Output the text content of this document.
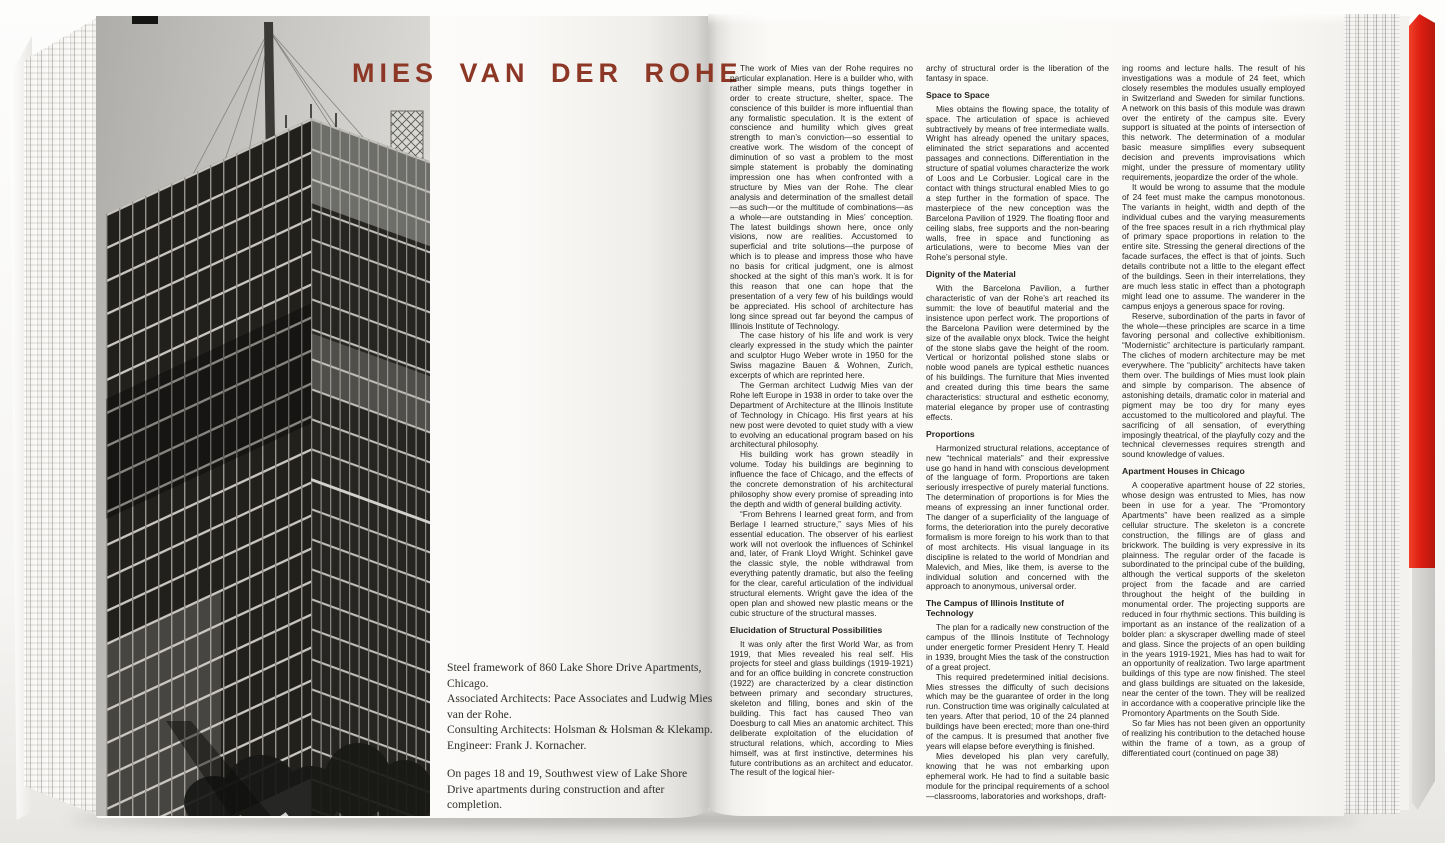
MIES VAN DER ROHE

Steel framework of 860 Lake Shore Drive Apartments, Chicago.

Associated Architects: Pace Associates and Ludwig Mies van der Rohe.

Consulting Architects: Holsman & Holsman & Klekamp.

Engineer: Frank J. Kornacher.

On pages 18 and 19, Southwest view of Lake Shore Drive apartments during construction and after completion.

The work of Mies van der Rohe requires no particular explanation. Here is a builder who, with rather simple means, puts things together in order to create structure, shelter, space. The conscience of this builder is more influential than any formalistic speculation. It is the extent of conscience and humility which gives great strength to man’s conviction—so essential to creative work. The wisdom of the concept of diminution of so vast a problem to the most simple statement is probably the dominating impression one has when confronted with a structure by Mies van der Rohe. The clear analysis and determination of the smallest detail—as such—or the multitude of combinations—as a whole—are outstanding in Mies’ conception. The latest buildings shown here, once only visions, now are realities. Accustomed to superficial and trite solutions—the purpose of which is to please and impress those who have no basis for critical judgment, one is almost shocked at the sight of this man’s work. It is for this reason that one can hope that the presentation of a very few of his buildings would be appreciated. His school of architecture has long since spread out far beyond the campus of Illinois Institute of Technology.
The case history of his life and work is very clearly expressed in the study which the painter and sculptor Hugo Weber wrote in 1950 for the Swiss magazine Bauen & Wohnen, Zurich, excerpts of which are reprinted here.
The German architect Ludwig Mies van der Rohe left Europe in 1938 in order to take over the Department of Architecture at the Illinois Institute of Technology in Chicago. His first years at his new post were devoted to quiet study with a view to evolving an educational program based on his architectural philosophy.
His building work has grown steadily in volume. Today his buildings are beginning to influence the face of Chicago, and the effects of the concrete demonstration of his architectural philosophy show every promise of spreading into the depth and width of general building activity.
“From Behrens I learned great form, and from Berlage I learned structure,” says Mies of his essential education. The observer of his earliest work will not overlook the influences of Schinkel and, later, of Frank Lloyd Wright. Schinkel gave the classic style, the noble withdrawal from everything patently dramatic, but also the feeling for the clear, careful articulation of the individual structural elements. Wright gave the idea of the open plan and showed new plastic means or the cubic structure of the structural masses.
Elucidation of Structural Possibilities
It was only after the first World War, as from 1919, that Mies revealed his real self. His projects for steel and glass buildings (1919-1921) and for an office building in concrete construction (1922) are characterized by a clear distinction between primary and secondary structures, skeleton and filling, bones and skin of the building. This fact has caused Theo van Doesburg to call Mies an anatomic architect. This deliberate exploitation of the elucidation of structural relations, which, according to Mies himself, was at first instinctive, determines his future contributions as an architect and educator. The result of the logical hier-
archy of structural order is the liberation of the fantasy in space.
Space to Space
Mies obtains the flowing space, the totality of space. The articulation of space is achieved subtractively by means of free intermediate walls. Wright has already opened the unitary spaces, eliminated the strict separations and accented passages and connections. Differentiation in the structure of spatial volumes characterize the work of Loos and Le Corbusier. Logical care in the contact with things structural enabled Mies to go a step further in the formation of space. The masterpiece of the new conception was the Barcelona Pavilion of 1929. The floating floor and ceiling slabs, free supports and the non-bearing walls, free in space and functioning as articulations, were to become Mies van der Rohe’s personal style.
Dignity of the Material
With the Barcelona Pavilion, a further characteristic of van der Rohe’s art reached its summit: the love of beautiful material and the insistence upon perfect work. The proportions of the Barcelona Pavilion were determined by the size of the available onyx block. Twice the height of the stone slabs gave the height of the room. Vertical or horizontal polished stone slabs or noble wood panels are typical esthetic nuances of his buildings. The furniture that Mies invented and created during this time bears the same characteristics: structural and esthetic economy, material elegance by proper use of contrasting effects.
Proportions
Harmonized structural relations, acceptance of new “technical materials” and their expressive use go hand in hand with conscious development of the language of form. Proportions are taken seriously irrespective of purely material functions. The determination of proportions is for Mies the means of expressing an inner functional order. The danger of a superficiality of the language of forms, the deterioration into the purely decorative formalism is more foreign to his work than to that of most architects. His visual language in its discipline is related to the world of Mondrian and Malevich, and Mies, like them, is averse to the individual solution and concerned with the approach to anonymous, universal order.
The Campus of Illinois Institute of Technology
The plan for a radically new construction of the campus of the Illinois Institute of Technology under energetic former President Henry T. Heald in 1939, brought Mies the task of the construction of a great project.
This required predetermined initial decisions. Mies stresses the difficulty of such decisions which may be the guarantee of order in the long run. Construction time was originally calculated at ten years. After that period, 10 of the 24 planned buildings have been erected; more than one-third of the campus. It is presumed that another five years will elapse before everything is finished.
Mies developed his plan very carefully, knowing that he was not embarking upon ephemeral work. He had to find a suitable basic module for the principal requirements of a school—classrooms, laboratories and workshops, draft-
ing rooms and lecture halls. The result of his investigations was a module of 24 feet, which closely resembles the modules usually employed in Switzerland and Sweden for similar functions. A network on this basis of this module was drawn over the entirety of the campus site. Every support is situated at the points of intersection of this network. The determination of a modular basic measure simplifies every subsequent decision and prevents improvisations which might, under the pressure of momentary utility requirements, jeopardize the order of the whole.
It would be wrong to assume that the module of 24 feet must make the campus monotonous. The variants in height, width and depth of the individual cubes and the varying measurements of the free spaces result in a rich rhythmical play of primary space proportions in relation to the entire site. Stressing the general directions of the facade surfaces, the effect is that of joints. Such details contribute not a little to the elegant effect of the buildings. Seen in their interrelations, they are much less static in effect than a photograph might lead one to assume. The wanderer in the campus enjoys a generous space for roving.
Reserve, subordination of the parts in favor of the whole—these principles are scarce in a time favoring personal and collective exhibitionism. “Modernistic” architecture is particularly rampant. The cliches of modern architecture may be met everywhere. The “publicity” architects have taken them over. The buildings of Mies must look plain and simple by comparison. The absence of astonishing details, dramatic color in material and pigment may be too dry for many eyes accustomed to the multicolored and playful. The sacrificing of all sensation, of everything imposingly theatrical, of the playfully cozy and the technical clevernesses requires strength and sound knowledge of values.
Apartment Houses in Chicago
A cooperative apartment house of 22 stories, whose design was entrusted to Mies, has now been in use for a year. The “Promontory Apartments” have been realized as a simple cellular structure. The skeleton is a concrete construction, the fillings are of glass and brickwork. The building is very expressive in its plainness. The regular order of the facade is subordinated to the principal cube of the building, although the vertical supports of the skeleton project from the facade and are carried throughout the height of the building in monumental order. The projecting supports are reduced in four rhythmic sections. This building is important as an instance of the realization of a bolder plan: a skyscraper dwelling made of steel and glass. Since the projects of an open building in the years 1919-1921, Mies has had to wait for an opportunity of realization. Two large apartment buildings of this type are now finished. The steel and glass buildings are situated on the lakeside, near the center of the town. They will be realized in accordance with a cooperative principle like the Promontory Apartments on the South Side.
So far Mies has not been given an opportunity of realizing his contribution to the detached house within the frame of a town, as a group of differentiated court (continued on page 38)
